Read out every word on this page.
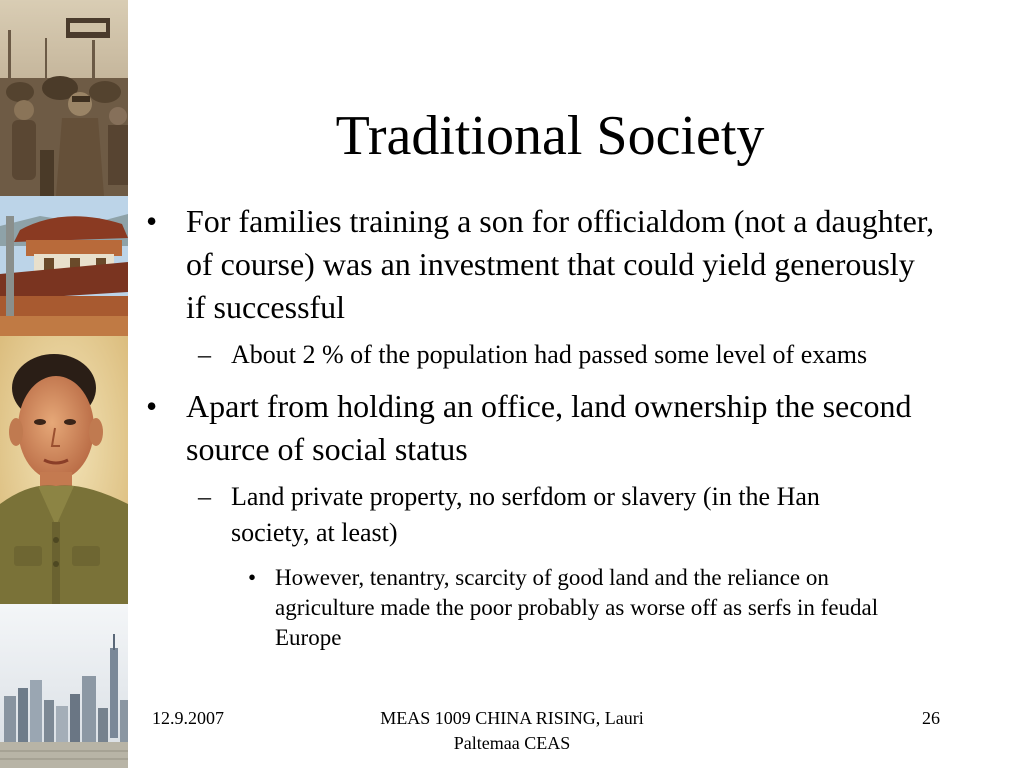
Traditional Society
• For families training a son for officialdom (not a daughter, of course) was an investment that could yield generously if successful
– About 2 % of the population had passed some level of exams
• Apart from holding an office, land ownership the second source of social status
– Land private property, no serfdom or slavery (in the Han society, at least)
• However, tenantry, scarcity of good land and the reliance on agriculture made the poor probably as worse off as serfs in feudal Europe
12.9.2007	MEAS 1009 CHINA RISING, Lauri Paltemaa CEAS
26
